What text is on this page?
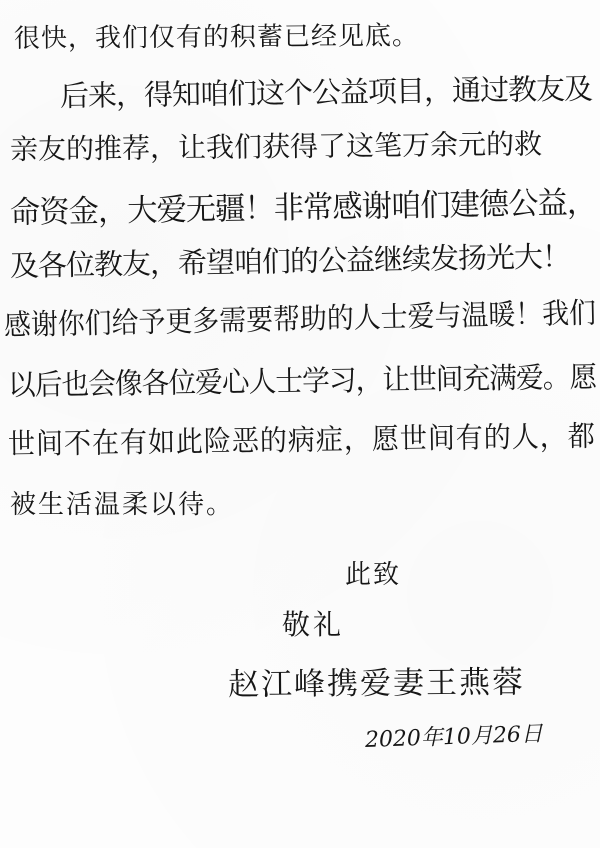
很快，我们仅有的积蓄已经见底。
后来，得知咱们这个公益项目，通过教友及
亲友的推荐，让我们获得了这笔万余元的救
命资金，大爱无疆！非常感谢咱们建德公益，
及各位教友，希望咱们的公益继续发扬光大！
感谢你们给予更多需要帮助的人士爱与温暖！我们
以后也会像各位爱心人士学习，让世间充满爱。愿
世间不在有如此险恶的病症，愿世间有的人，都
被生活温柔以待。
此致
敬礼
赵江峰携爱妻王燕蓉
2020年10月26日
